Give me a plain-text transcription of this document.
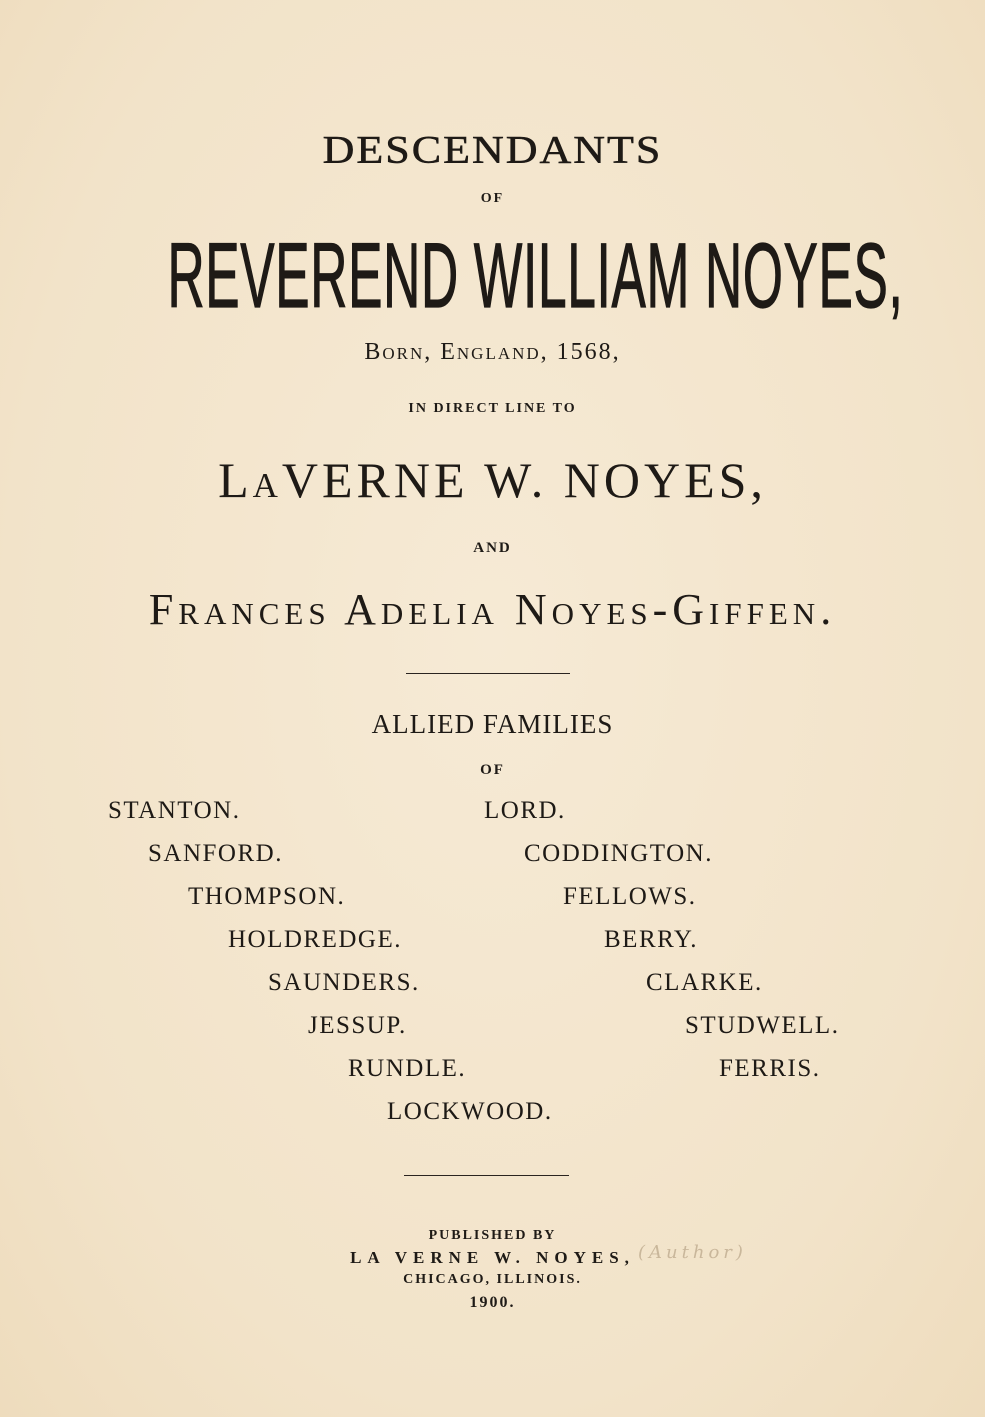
DESCENDANTS
OF
REVEREND WILLIAM NOYES,
Born, England, 1568,
IN DIRECT LINE TO
LaVERNE W. NOYES,
AND
Frances Adelia Noyes-Giffen.
ALLIED FAMILIES
OF
STANTON.
SANFORD.
THOMPSON.
HOLDREDGE.
SAUNDERS.
JESSUP.
RUNDLE.
LOCKWOOD.
LORD.
CODDINGTON.
FELLOWS.
BERRY.
CLARKE.
STUDWELL.
FERRIS.
PUBLISHED BY
LA VERNE W. NOYES,
CHICAGO, ILLINOIS.
1900.
(Author)
